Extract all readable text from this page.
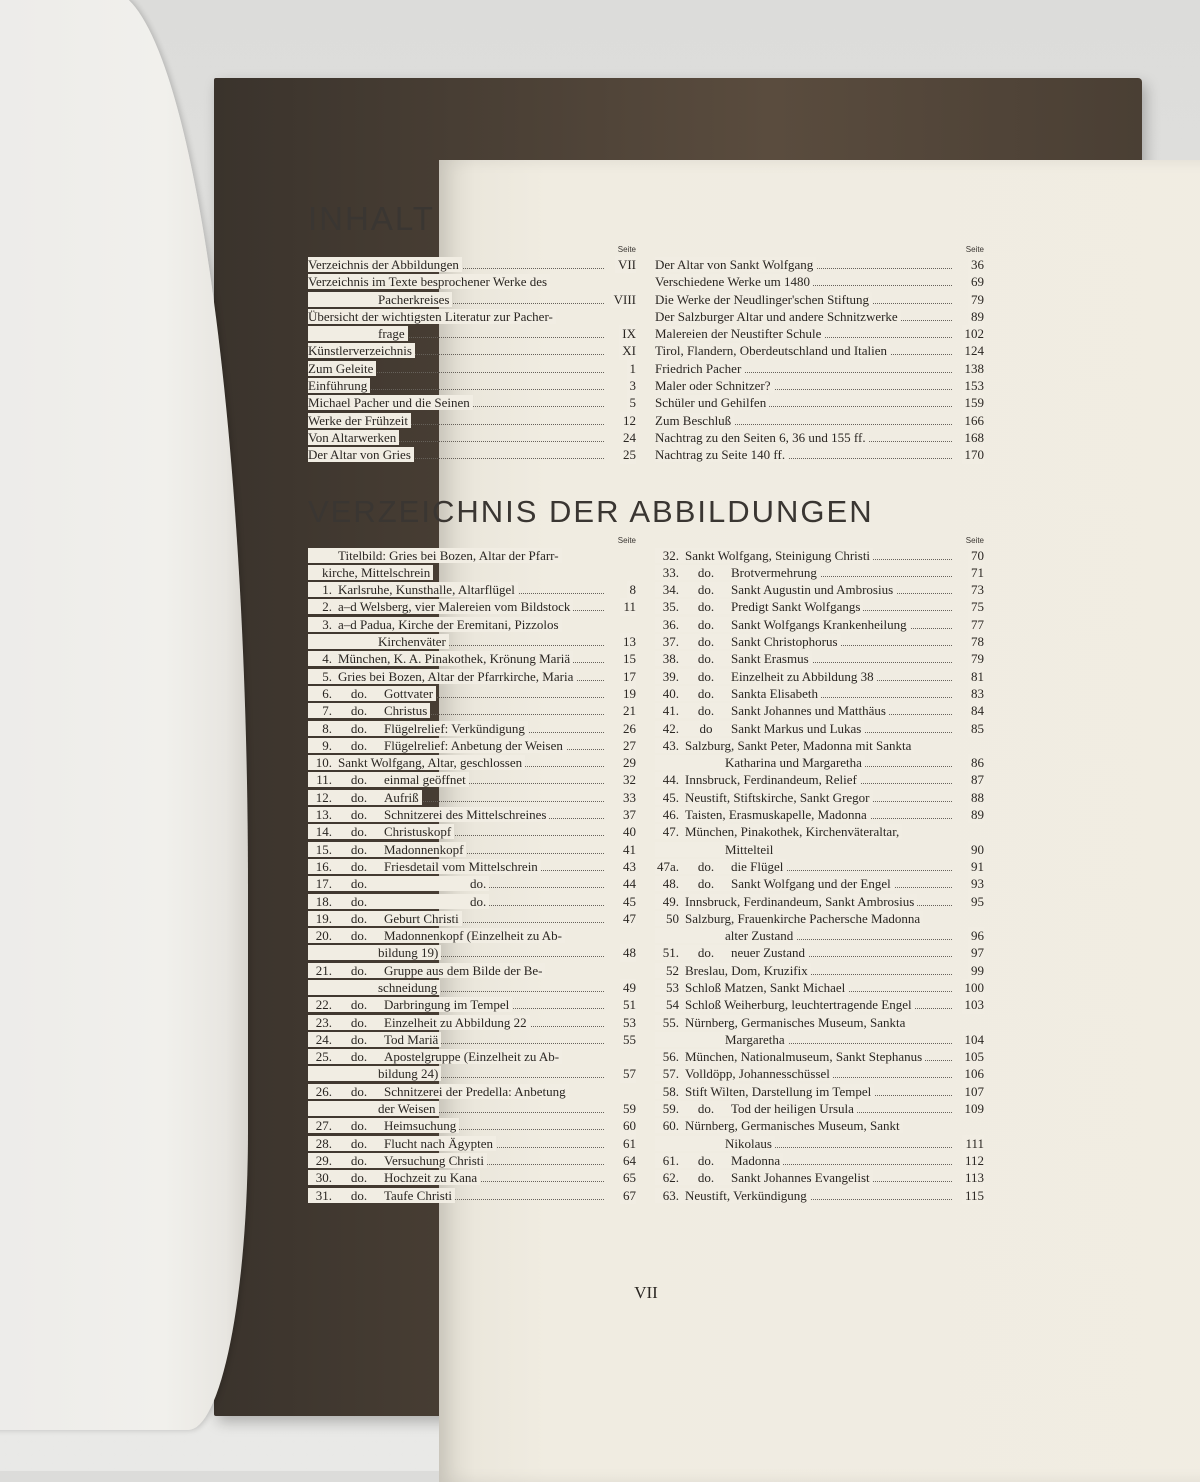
INHALT
Seite
Verzeichnis der Abbildungen	VII
Verzeichnis im Texte besprochener Werke des
Pacherkreises	VIII
Übersicht der wichtigsten Literatur zur Pacher-
frage	IX
Künstlerverzeichnis	XI
Zum Geleite	1
Einführung	3
Michael Pacher und die Seinen	5
Werke der Frühzeit	12
Von Altarwerken	24
Der Altar von Gries	25
Seite
Der Altar von Sankt Wolfgang	36
Verschiedene Werke um 1480	69
Die Werke der Neudlinger'schen Stiftung	79
Der Salzburger Altar und andere Schnitzwerke	89
Malereien der Neustifter Schule	102
Tirol, Flandern, Oberdeutschland und Italien	124
Friedrich Pacher	138
Maler oder Schnitzer?	153
Schüler und Gehilfen	159
Zum Beschluß	166
Nachtrag zu den Seiten 6, 36 und 155 ff.	168
Nachtrag zu Seite 140 ff.	170
VERZEICHNIS DER ABBILDUNGEN
Seite
Titelbild: Gries bei Bozen, Altar der Pfarr-
kirche, Mittelschrein
1. Karlsruhe, Kunsthalle, Altarflügel	8
2. a–d Welsberg, vier Malereien vom Bildstock	11
3. a–d Padua, Kirche der Eremitani, Pizzolos
Kirchenväter	13
4. München, K. A. Pinakothek, Krönung Mariä	15
5. Gries bei Bozen, Altar der Pfarrkirche, Maria	17
6. do. Gottvater	19
7. do. Christus	21
8. do. Flügelrelief: Verkündigung	26
9. do. Flügelrelief: Anbetung der Weisen	27
10. Sankt Wolfgang, Altar, geschlossen	29
11. do. einmal geöffnet	32
12. do. Aufriß	33
13. do. Schnitzerei des Mittelschreines	37
14. do. Christuskopf	40
15. do. Madonnenkopf	41
16. do. Friesdetail vom Mittelschrein	43
17. do.	do.	44
18. do.	do.	45
19. do. Geburt Christi	47
20. do. Madonnenkopf (Einzelheit zu Ab-
bildung 19)	48
21. do. Gruppe aus dem Bilde der Be-
schneidung	49
22. do. Darbringung im Tempel	51
23. do. Einzelheit zu Abbildung 22	53
24. do. Tod Mariä	55
25. do. Apostelgruppe (Einzelheit zu Ab-
bildung 24)	57
26. do. Schnitzerei der Predella: Anbetung
der Weisen	59
27. do. Heimsuchung	60
28. do. Flucht nach Ägypten	61
29. do. Versuchung Christi	64
30. do. Hochzeit zu Kana	65
31. do. Taufe Christi	67
Seite
32. Sankt Wolfgang, Steinigung Christi	70
33. do. Brotvermehrung	71
34. do. Sankt Augustin und Ambrosius	73
35. do. Predigt Sankt Wolfgangs	75
36. do. Sankt Wolfgangs Krankenheilung	77
37. do. Sankt Christophorus	78
38. do. Sankt Erasmus	79
39. do. Einzelheit zu Abbildung 38	81
40. do. Sankta Elisabeth	83
41. do. Sankt Johannes und Matthäus	84
42. do Sankt Markus und Lukas	85
43. Salzburg, Sankt Peter, Madonna mit Sankta
Katharina und Margaretha	86
44. Innsbruck, Ferdinandeum, Relief	87
45. Neustift, Stiftskirche, Sankt Gregor	88
46. Taisten, Erasmuskapelle, Madonna	89
47. München, Pinakothek, Kirchenväteraltar,
Mittelteil	90
47a. do. die Flügel	91
48. do. Sankt Wolfgang und der Engel	93
49. Innsbruck, Ferdinandeum, Sankt Ambrosius	95
50 Salzburg, Frauenkirche Pachersche Madonna
alter Zustand	96
51. do. neuer Zustand	97
52 Breslau, Dom, Kruzifix	99
53 Schloß Matzen, Sankt Michael	100
54 Schloß Weiherburg, leuchtertragende Engel	103
55. Nürnberg, Germanisches Museum, Sankta
Margaretha	104
56. München, Nationalmuseum, Sankt Stephanus	105
57. Volldöpp, Johannesschüssel	106
58. Stift Wilten, Darstellung im Tempel	107
59. do. Tod der heiligen Ursula	109
60. Nürnberg, Germanisches Museum, Sankt
Nikolaus	111
61. do. Madonna	112
62. do. Sankt Johannes Evangelist	113
63. Neustift, Verkündigung	115
VII
